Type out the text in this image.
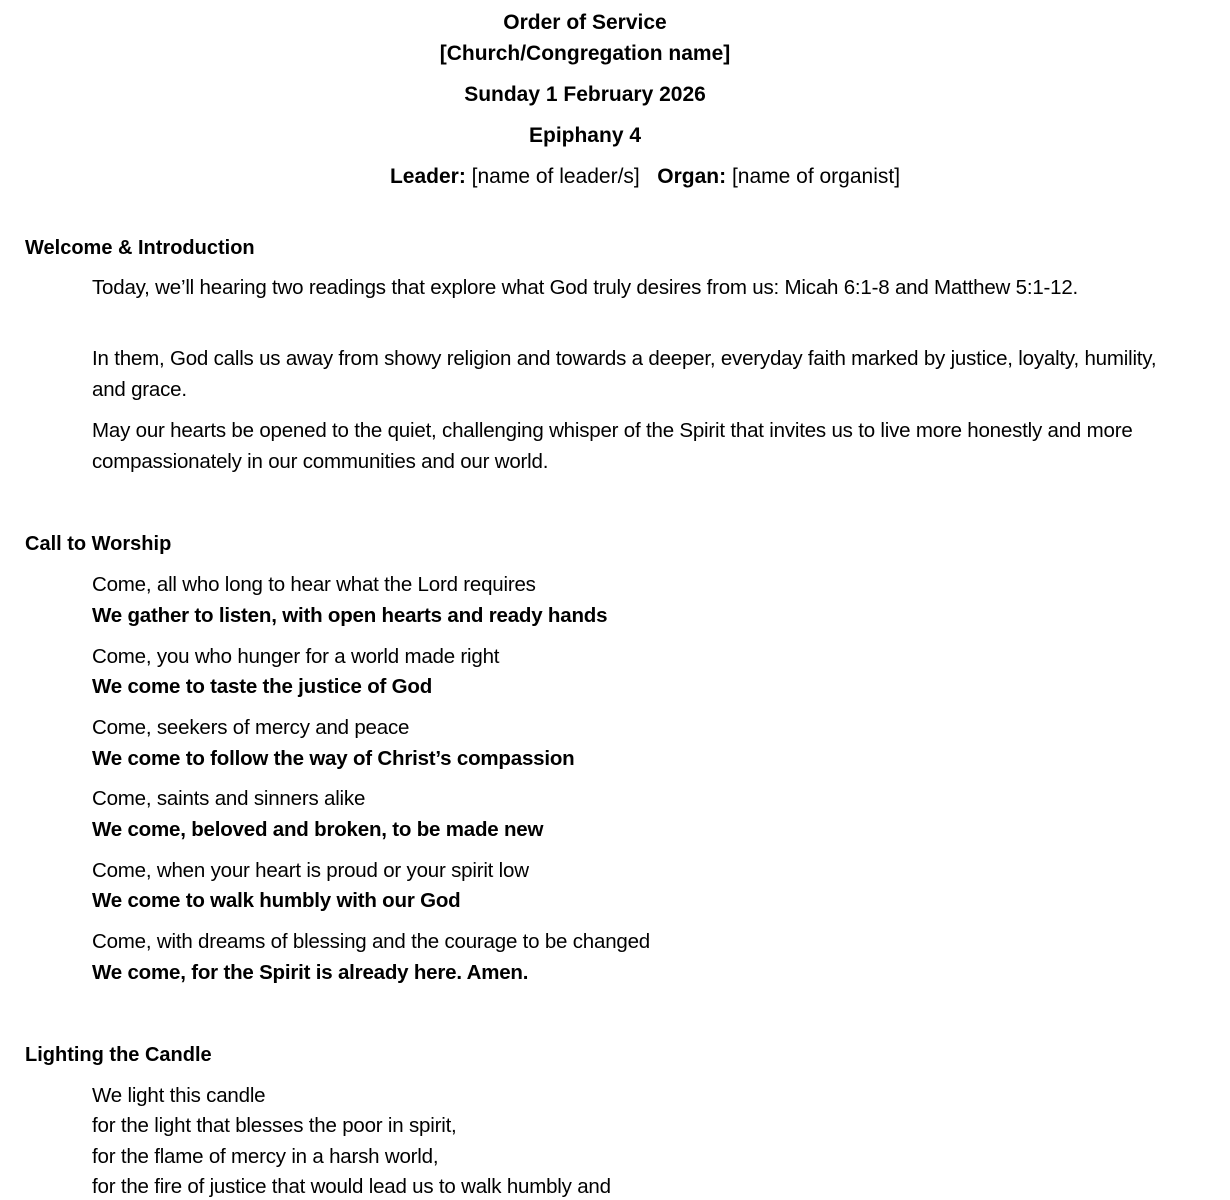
Order of Service
[Church/Congregation name]
Sunday 1 February 2026
Epiphany 4
Leader: [name of leader/s] Organ: [name of organist]
Welcome & Introduction
Today, we’ll hearing two readings that explore what God truly desires from us: Micah 6:1-8 and Matthew 5:1-12.
In them, God calls us away from showy religion and towards a deeper, everyday faith marked by justice, loyalty, humility, and grace.
May our hearts be opened to the quiet, challenging whisper of the Spirit that invites us to live more honestly and more compassionately in our communities and our world.
Call to Worship
Come, all who long to hear what the Lord requires
We gather to listen, with open hearts and ready hands
Come, you who hunger for a world made right
We come to taste the justice of God
Come, seekers of mercy and peace
We come to follow the way of Christ’s compassion
Come, saints and sinners alike
We come, beloved and broken, to be made new
Come, when your heart is proud or your spirit low
We come to walk humbly with our God
Come, with dreams of blessing and the courage to be changed
We come, for the Spirit is already here. Amen.
Lighting the Candle
We light this candle
for the light that blesses the poor in spirit,
for the flame of mercy in a harsh world,
for the fire of justice that would lead us to walk humbly and
